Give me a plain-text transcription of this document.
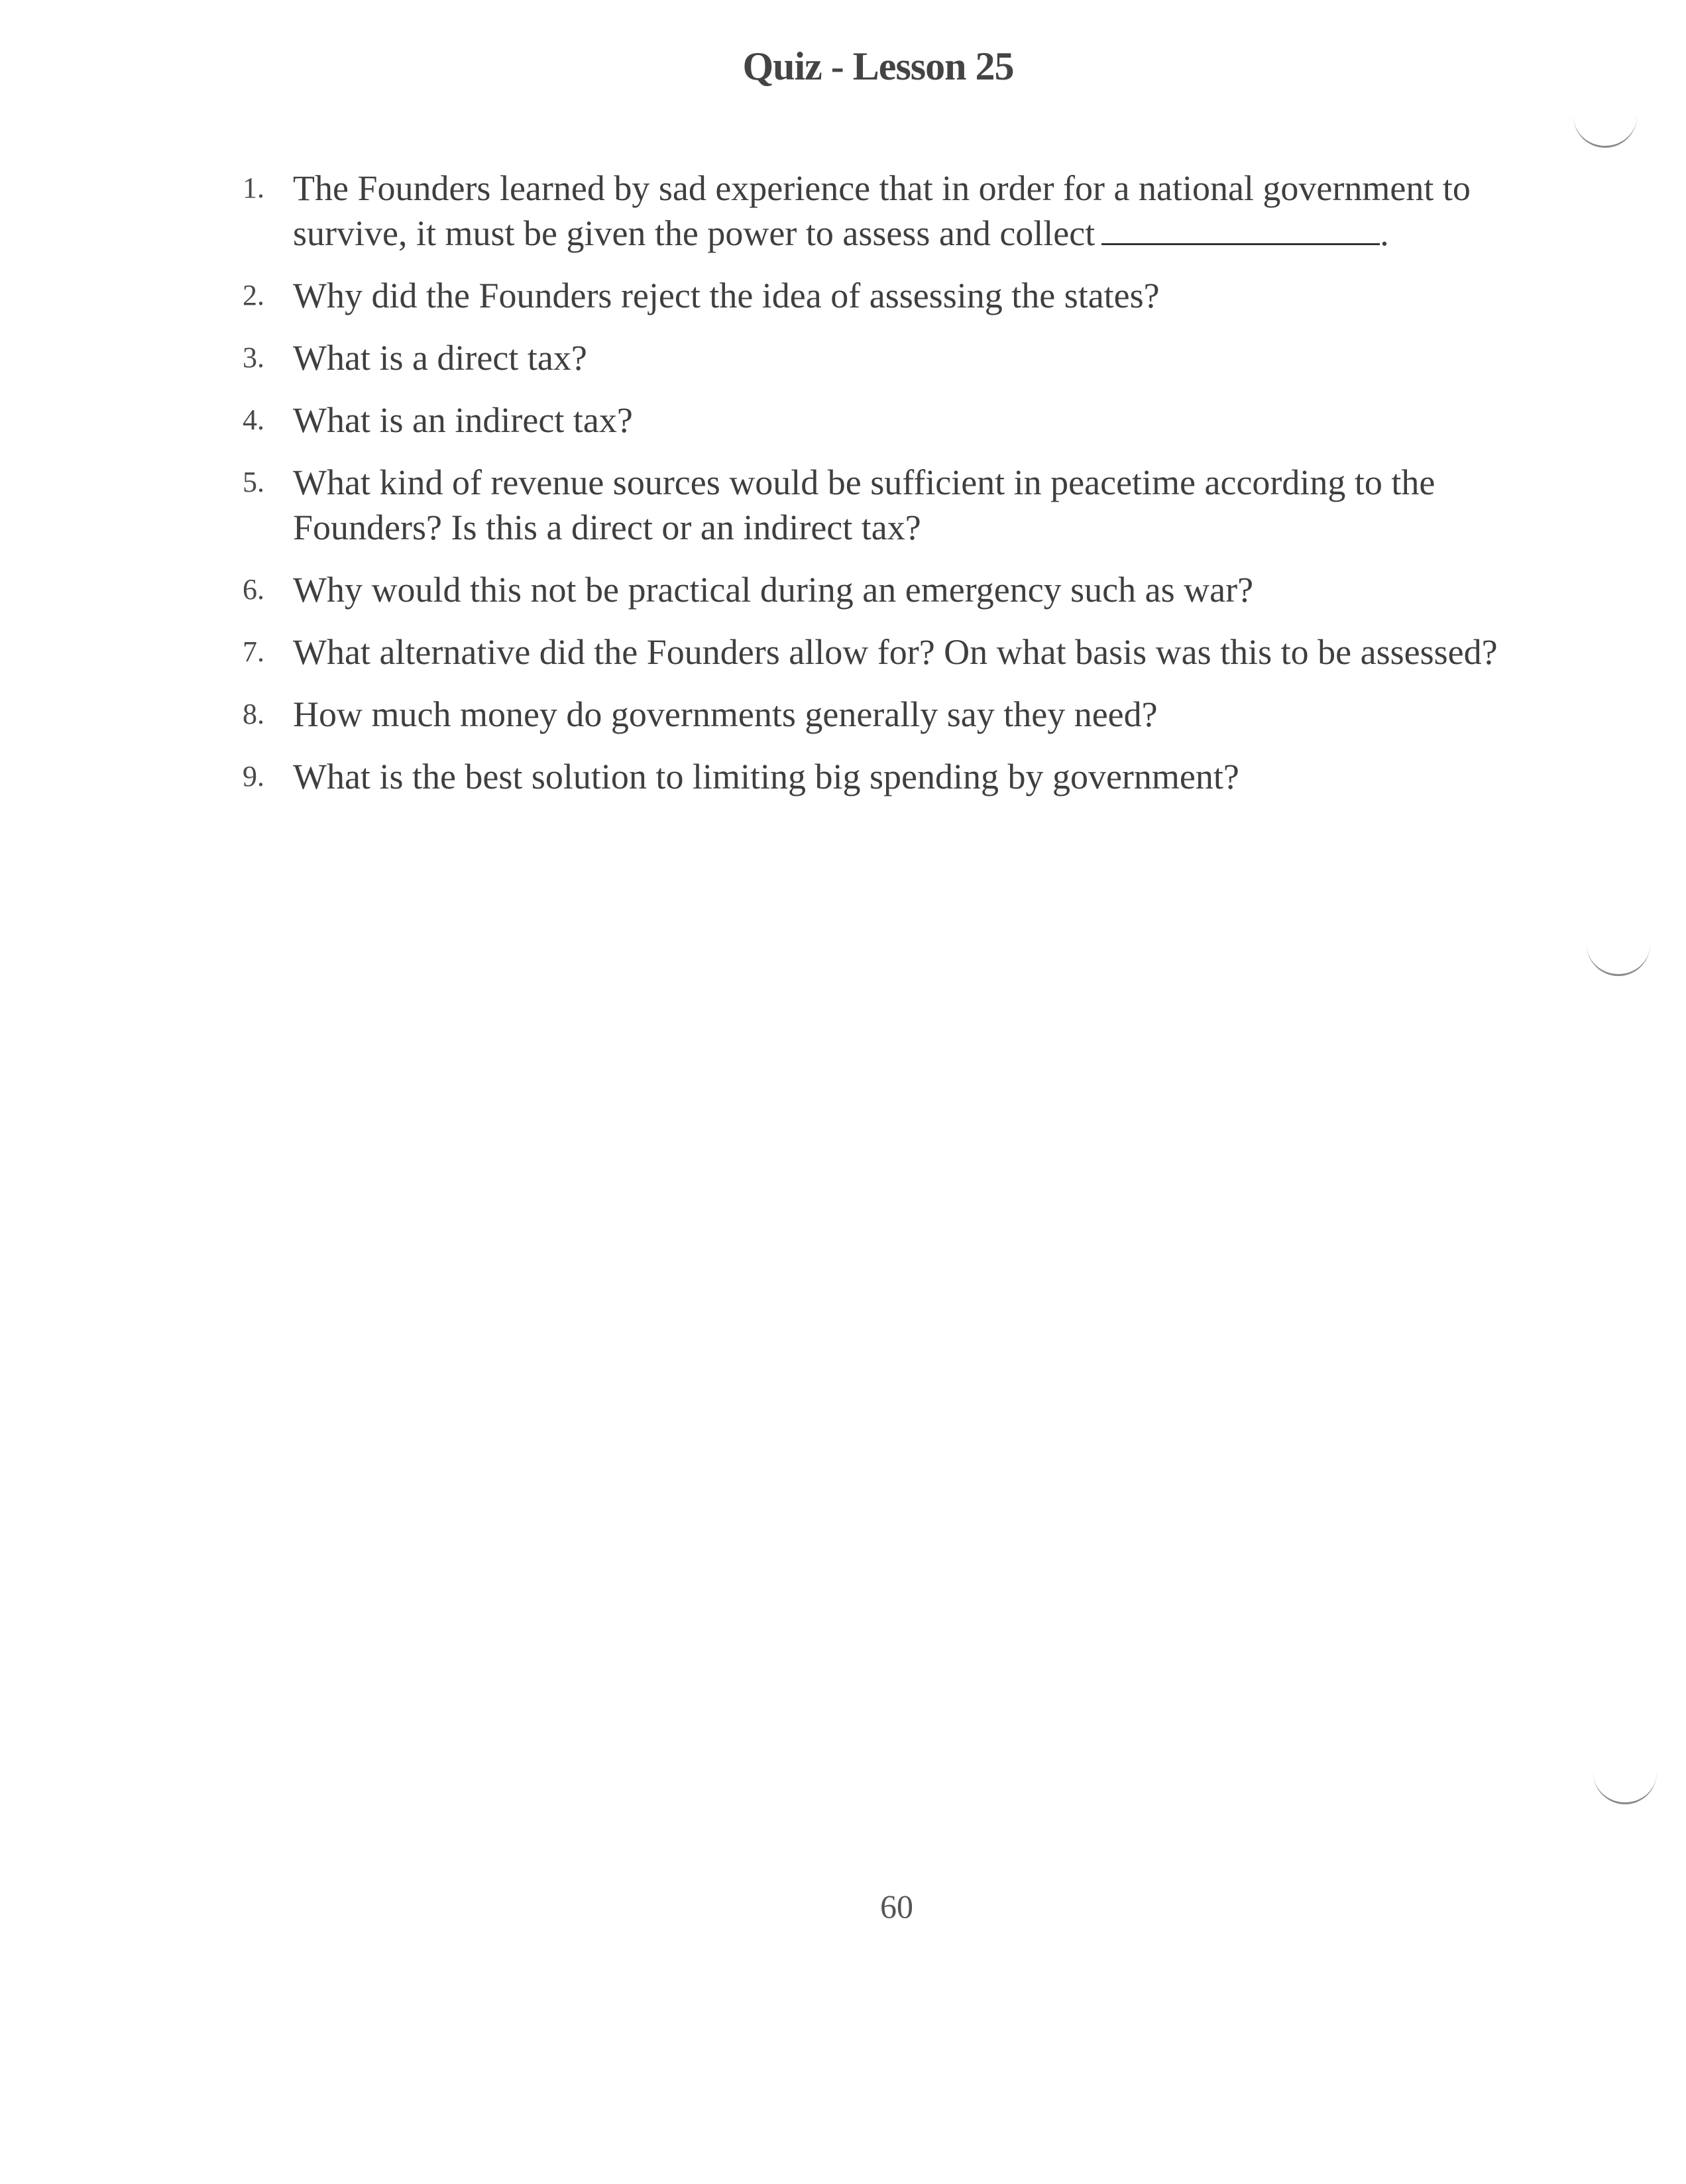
Quiz - Lesson 25
1. The Founders learned by sad experience that in order for a national government to survive, it must be given the power to assess and collect	.
2. Why did the Founders reject the idea of assessing the states?
3. What is a direct tax?
4. What is an indirect tax?
5. What kind of revenue sources would be sufficient in peacetime according to the Founders? Is this a direct or an indirect tax?
6. Why would this not be practical during an emergency such as war?
7. What alternative did the Founders allow for? On what basis was this to be assessed?
8. How much money do governments generally say they need?
9. What is the best solution to limiting big spending by government?
60
